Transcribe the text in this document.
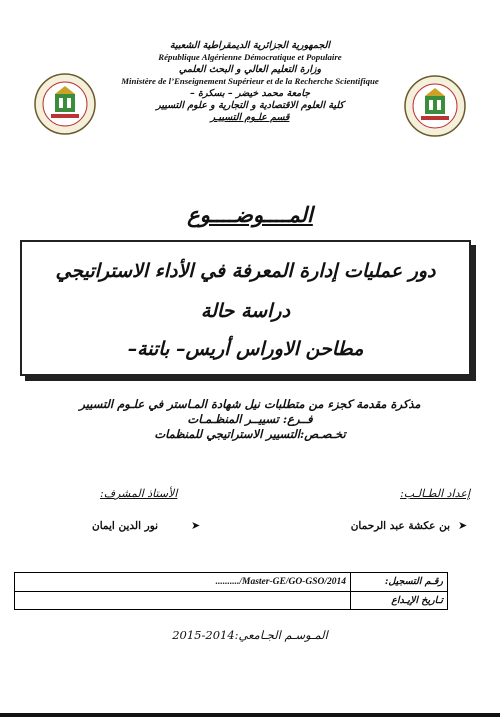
الجمهورية الجزائرية الديمقراطية الشعبية
République Algérienne Démocratique et Populaire
وزارة التعليم العالي و البحث العلمي
Ministère de l’Enseignement Supérieur et de la Recherche Scientifique
جامعة محمد خيضر – بسكرة –
كلية العلوم الاقتصادية و التجارية و علوم التسيير
قسم علـوم التسييـر
المــــوضــــوع
دور عمليات إدارة المعرفة في الأداء الاستراتيجي
دراسة حالة
مطاحن الاوراس أريس– باتنة–
مذكرة مقدمة كجزء من متطلبات نيل شهادة المـاستر في علـوم التسيير
فــرع: تسييــر المنظـمـات
تخـصـص:التسيير الاستراتيجي للمنظمات
إعداد الطـالـب:
الأستاذ المشرف:
➤
بن عكشة عبد الرحمان
➤
نور الدين ايمان
........../Master-GE/GO-GSO/2014	رقـم التسجيل:
	تـاريخ الإيـداع
المـوسـم الجـامعي:2014-2015
